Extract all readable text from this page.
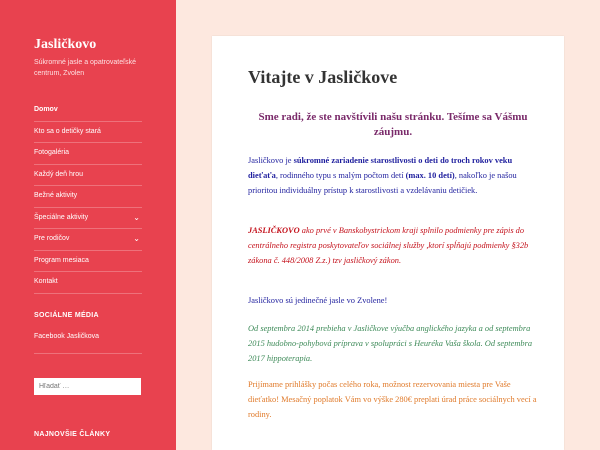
Jasličkovo
Súkromné jasle a opatrovateľské centrum, Zvolen
Domov
Kto sa o detičky stará
Fotogaléria
Každý deň hrou
Bežné aktivity
Špeciálne aktivity	⌄
Pre rodičov	⌄
Program mesiaca
Kontakt
SOCIÁLNE MÉDIA
Facebook Jasličkova
Hľadať …
NAJNOVŠIE ČLÁNKY
Vitajte v Jasličkove
Sme radi, že ste navštívili našu stránku. Tešíme sa Vášmu záujmu.
Jasličkovo je súkromné zariadenie starostlivosti o deti do troch rokov veku dieťaťa, rodinného typu s malým počtom detí (max. 10 detí), nakoľko je našou prioritou individuálny prístup k starostlivosti a vzdelávaniu detičiek.
JASLIČKOVO ako prvé v Banskobystrickom kraji splnilo podmienky pre zápis do centrálneho registra poskytovateľov sociálnej služby ,ktorí spĺňajú podmienky §32b zákona č. 448/2008 Z.z.) tzv jasličkový zákon.
Jasličkovo sú jedinečné jasle vo Zvolene!
Od septembra 2014 prebieha v Jasličkove výučba anglického jazyka a od septembra 2015 hudobno-pohybová príprava v spolupráci s Heuréka Vaša škola. Od septembra 2017 hippoterapia.
Prijímame prihlášky počas celého roka, možnost rezervovania miesta pre Vaše dieťatko! Mesačný poplatok Vám vo výške 280€ preplati úrad práce sociálnych vecí a rodiny.
